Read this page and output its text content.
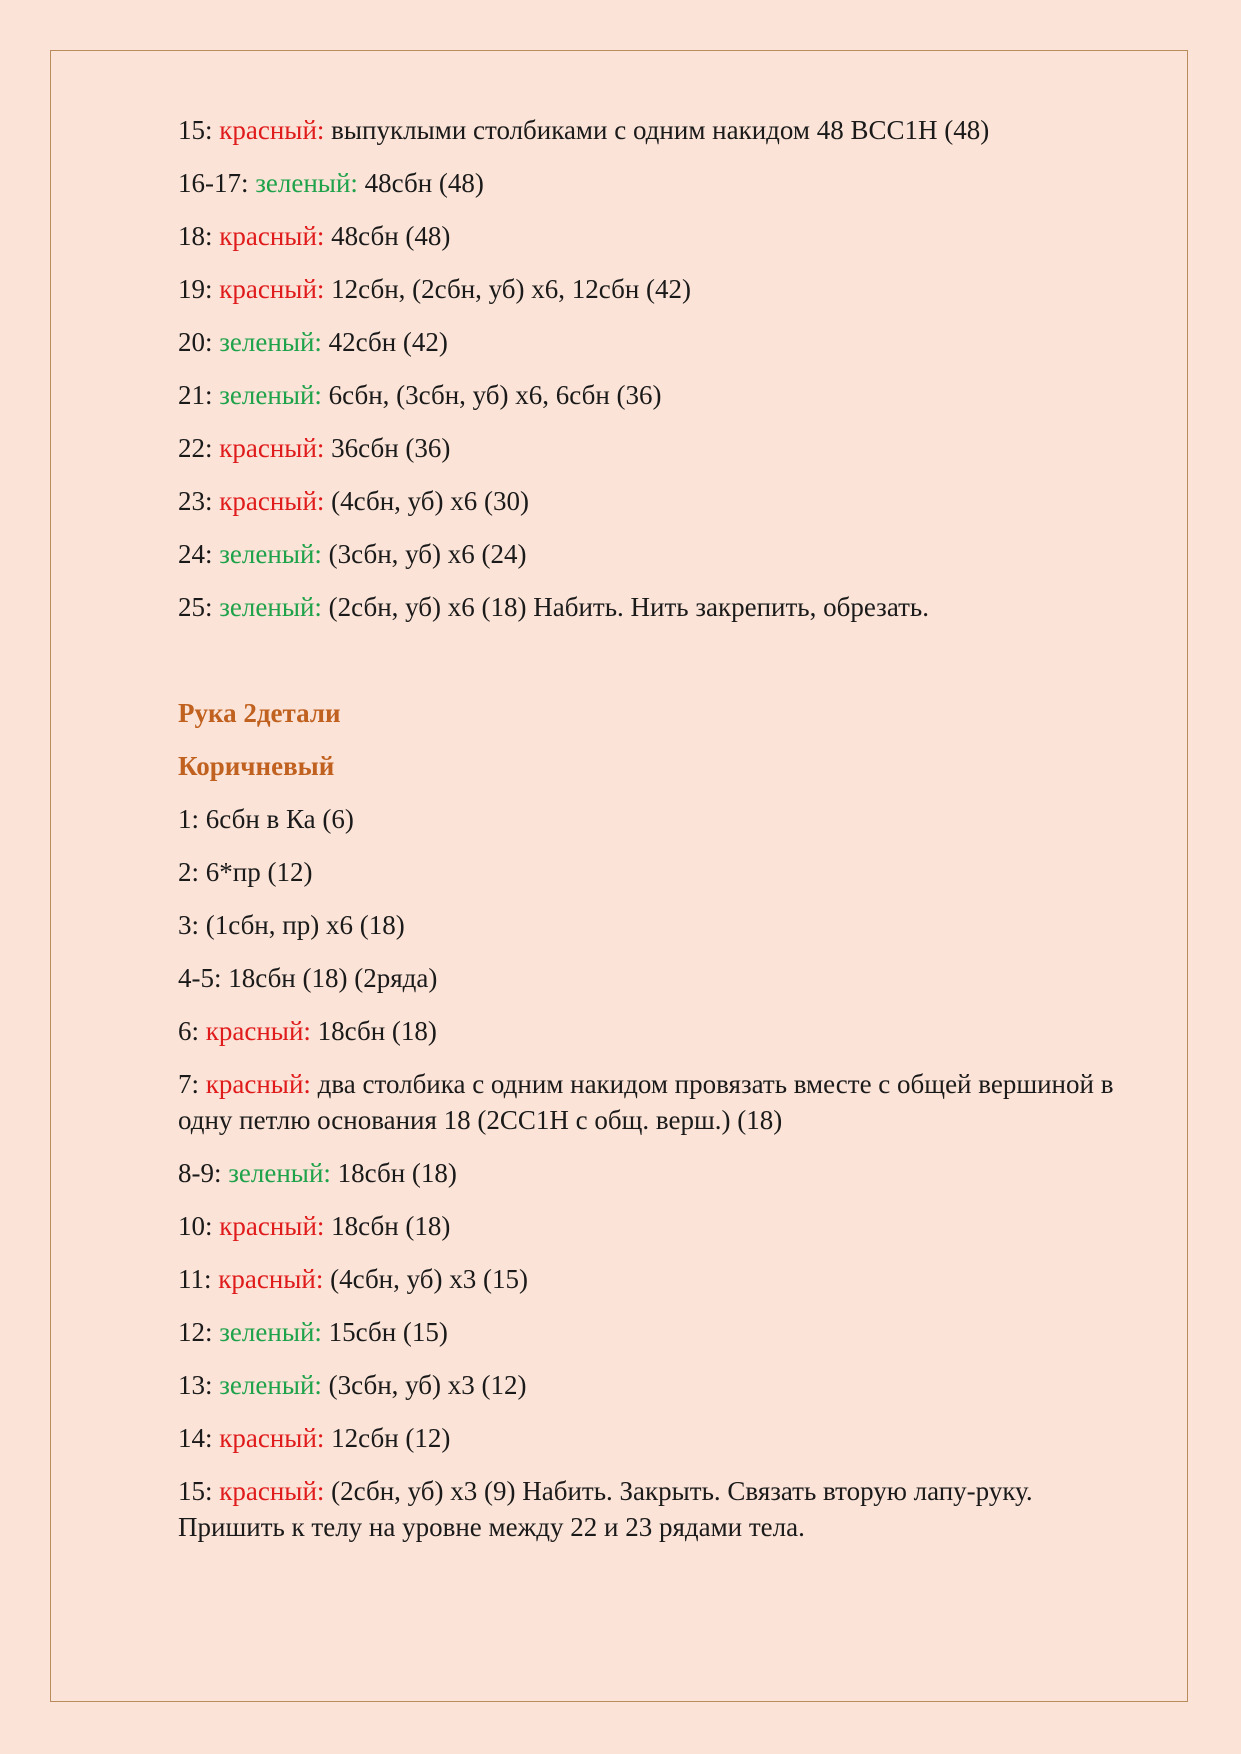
15: красный: выпуклыми столбиками с одним накидом 48 ВСС1Н (48)
16-17: зеленый: 48сбн (48)
18: красный: 48сбн (48)
19: красный: 12сбн, (2сбн, уб) х6, 12сбн (42)
20: зеленый: 42сбн (42)
21: зеленый: 6сбн, (3сбн, уб) х6, 6сбн (36)
22: красный: 36сбн (36)
23: красный: (4сбн, уб) х6 (30)
24: зеленый: (3сбн, уб) х6 (24)
25: зеленый: (2сбн, уб) х6 (18) Набить. Нить закрепить, обрезать.
Рука 2детали
Коричневый
1: 6сбн в Ка (6)
2: 6*пр (12)
3: (1сбн, пр) х6 (18)
4-5: 18сбн (18) (2ряда)
6: красный: 18сбн (18)
7: красный: два столбика с одним накидом провязать вместе с общей вершиной в одну петлю основания 18 (2СС1Н с общ. верш.) (18)
8-9: зеленый: 18сбн (18)
10: красный: 18сбн (18)
11: красный: (4сбн, уб) х3 (15)
12: зеленый: 15сбн (15)
13: зеленый: (3сбн, уб) х3 (12)
14: красный: 12сбн (12)
15: красный: (2сбн, уб) х3 (9) Набить. Закрыть. Связать вторую лапу-руку. Пришить к телу на уровне между 22 и 23 рядами тела.
